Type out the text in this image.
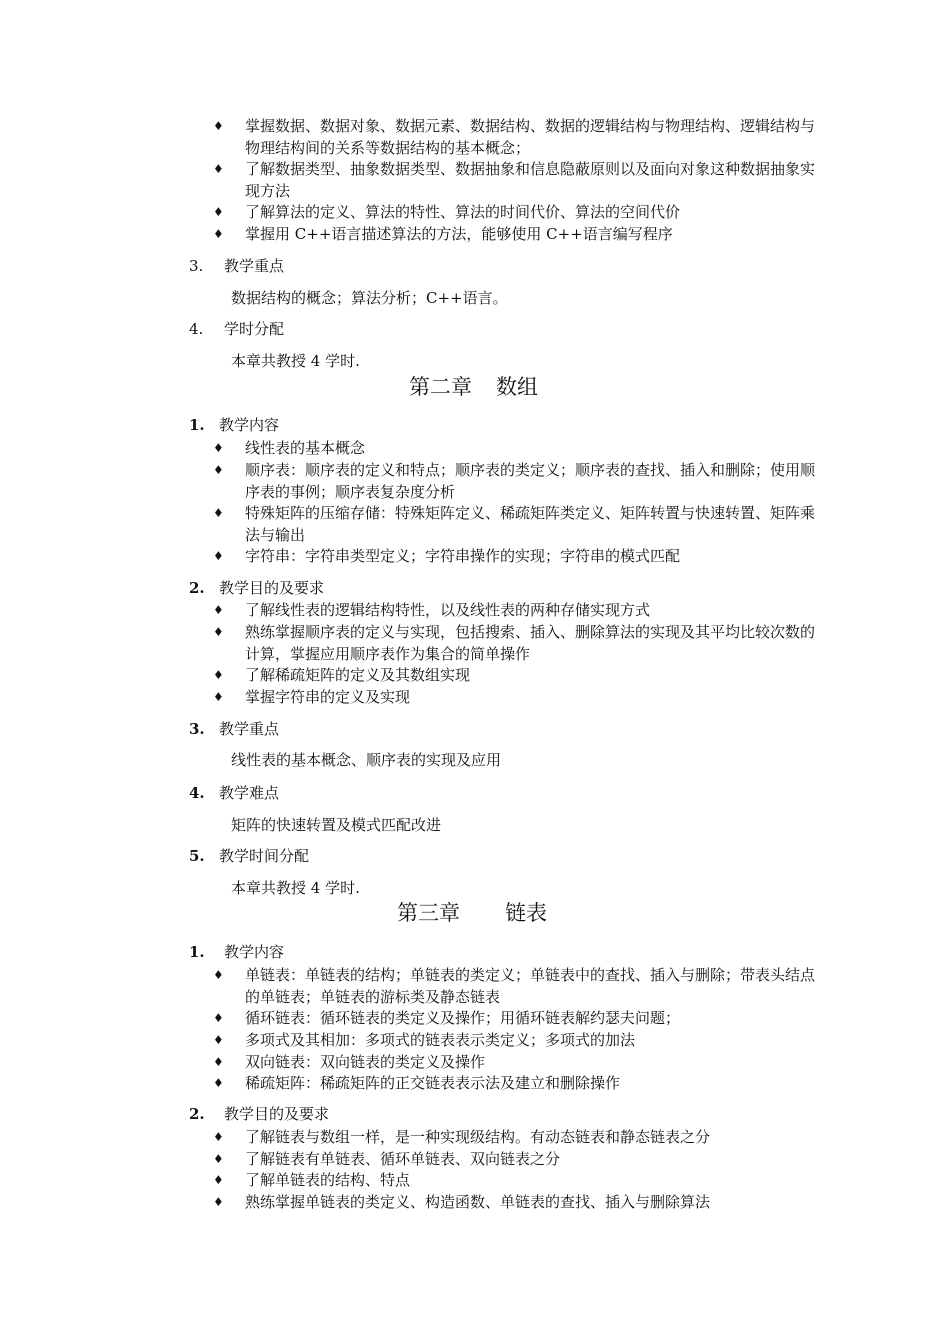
♦ 掌握数据、数据对象、数据元素、数据结构、数据的逻辑结构与物理结构、逻辑结构与物理结构间的关系等数据结构的基本概念；
♦ 了解数据类型、抽象数据类型、数据抽象和信息隐蔽原则以及面向对象这种数据抽象实现方法
♦ 了解算法的定义、算法的特性、算法的时间代价、算法的空间代价
♦ 掌握用 C++语言描述算法的方法，能够使用 C++语言编写程序
3. 教学重点
数据结构的概念；算法分析；C++语言。
4. 学时分配
本章共教授 4 学时.
第二章 数组
1. 教学内容
♦ 线性表的基本概念
♦ 顺序表：顺序表的定义和特点；顺序表的类定义；顺序表的查找、插入和删除；使用顺序表的事例；顺序表复杂度分析
♦ 特殊矩阵的压缩存储：特殊矩阵定义、稀疏矩阵类定义、矩阵转置与快速转置、矩阵乘法与输出
♦ 字符串：字符串类型定义；字符串操作的实现；字符串的模式匹配
2. 教学目的及要求
♦ 了解线性表的逻辑结构特性，以及线性表的两种存储实现方式
♦ 熟练掌握顺序表的定义与实现，包括搜索、插入、删除算法的实现及其平均比较次数的计算，掌握应用顺序表作为集合的简单操作
♦ 了解稀疏矩阵的定义及其数组实现
♦ 掌握字符串的定义及实现
3. 教学重点
线性表的基本概念、顺序表的实现及应用
4. 教学难点
矩阵的快速转置及模式匹配改进
5. 教学时间分配
本章共教授 4 学时.
第三章 链表
1. 教学内容
♦ 单链表：单链表的结构；单链表的类定义；单链表中的查找、插入与删除；带表头结点的单链表；单链表的游标类及静态链表
♦ 循环链表：循环链表的类定义及操作；用循环链表解约瑟夫问题；
♦ 多项式及其相加：多项式的链表表示类定义；多项式的加法
♦ 双向链表：双向链表的类定义及操作
♦ 稀疏矩阵：稀疏矩阵的正交链表表示法及建立和删除操作
2. 教学目的及要求
♦ 了解链表与数组一样，是一种实现级结构。有动态链表和静态链表之分
♦ 了解链表有单链表、循环单链表、双向链表之分
♦ 了解单链表的结构、特点
♦ 熟练掌握单链表的类定义、构造函数、单链表的查找、插入与删除算法
